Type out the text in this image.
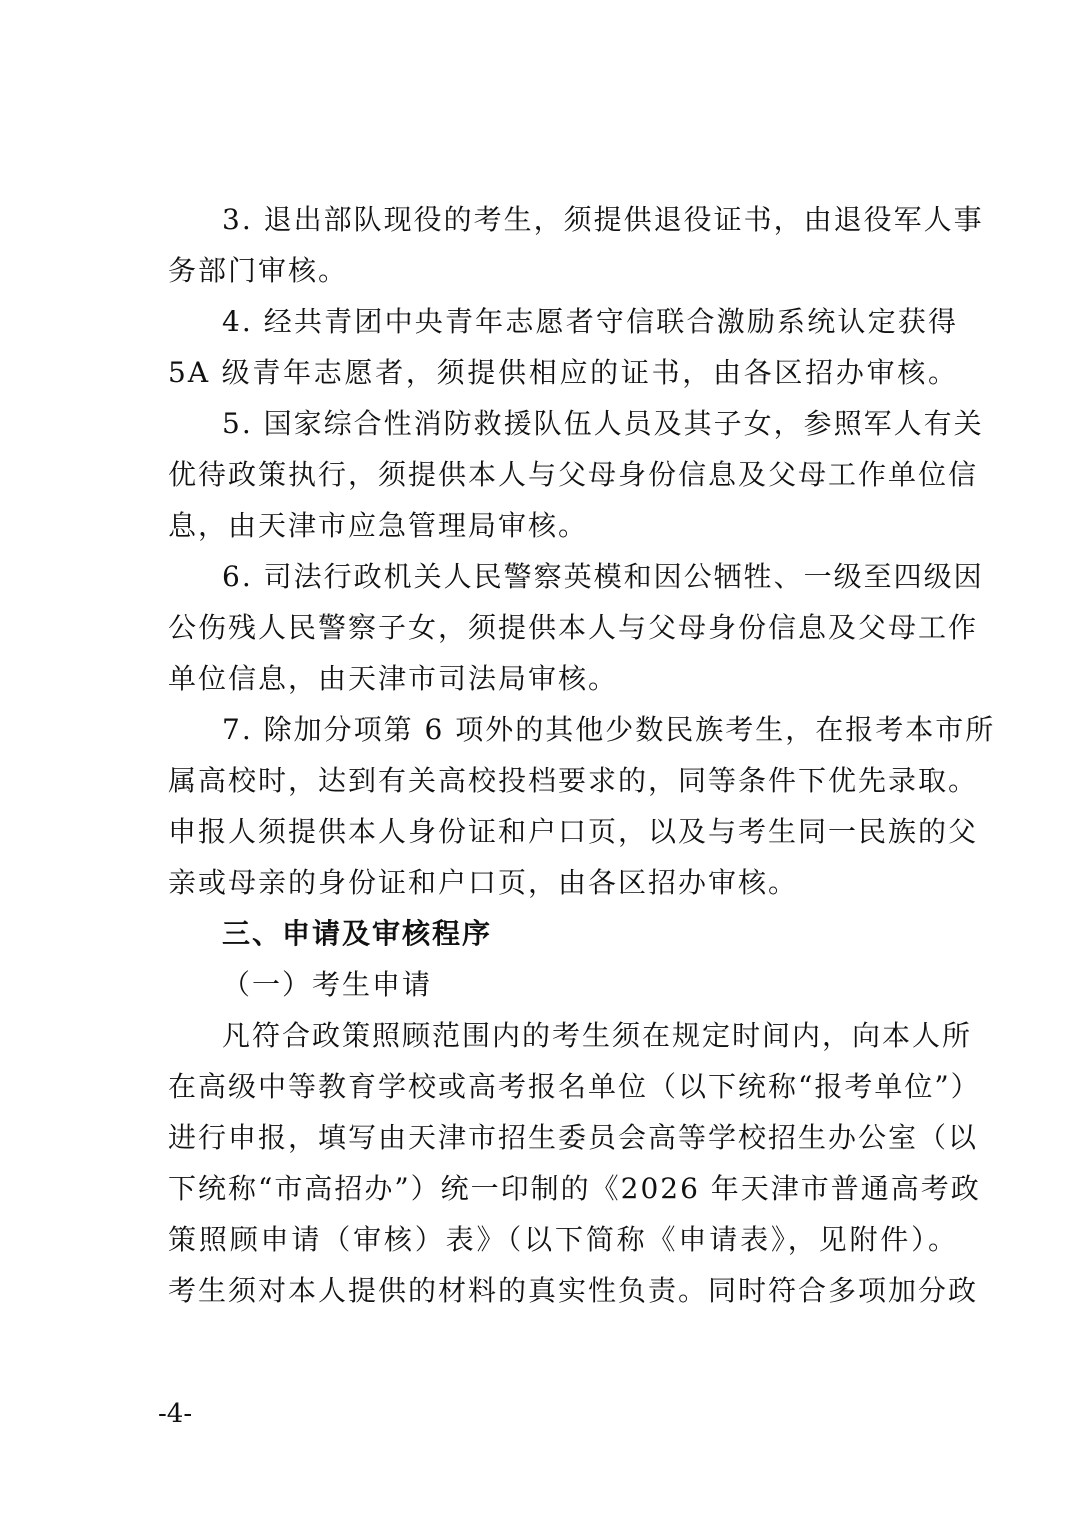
3. 退出部队现役的考生，须提供退役证书，由退役军人事
务部门审核。
4. 经共青团中央青年志愿者守信联合激励系统认定获得
5A 级青年志愿者，须提供相应的证书，由各区招办审核。
5. 国家综合性消防救援队伍人员及其子女，参照军人有关
优待政策执行，须提供本人与父母身份信息及父母工作单位信
息，由天津市应急管理局审核。
6. 司法行政机关人民警察英模和因公牺牲、一级至四级因
公伤残人民警察子女，须提供本人与父母身份信息及父母工作
单位信息，由天津市司法局审核。
7. 除加分项第 6 项外的其他少数民族考生，在报考本市所
属高校时，达到有关高校投档要求的，同等条件下优先录取。
申报人须提供本人身份证和户口页，以及与考生同一民族的父
亲或母亲的身份证和户口页，由各区招办审核。
三、申请及审核程序
（一）考生申请
凡符合政策照顾范围内的考生须在规定时间内，向本人所
在高级中等教育学校或高考报名单位（以下统称“报考单位”）
进行申报，填写由天津市招生委员会高等学校招生办公室（以
下统称“市高招办”）统一印制的《2026 年天津市普通高考政
策照顾申请（审核）表》（以下简称《申请表》，见附件）。
考生须对本人提供的材料的真实性负责。同时符合多项加分政
-4-
